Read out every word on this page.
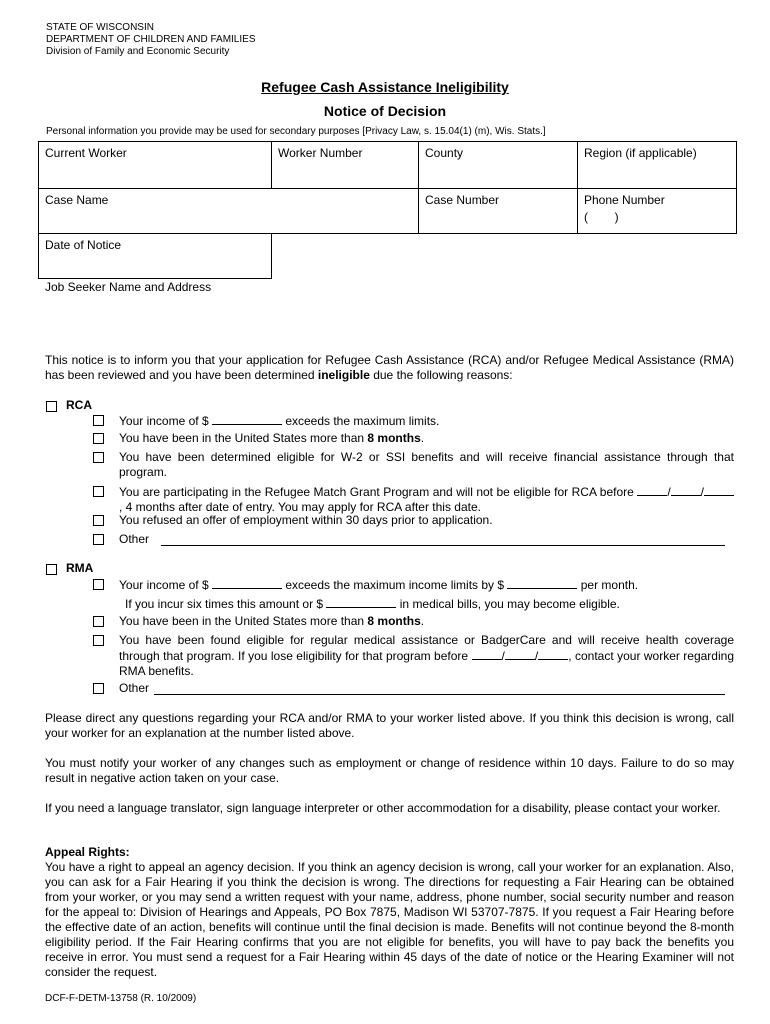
STATE OF WISCONSIN
DEPARTMENT OF CHILDREN AND FAMILIES
Division of Family and Economic Security
Refugee Cash Assistance Ineligibility
Notice of Decision
Personal information you provide may be used for secondary purposes [Privacy Law, s. 15.04(1) (m), Wis. Stats.]
Current Worker	Worker Number	County	Region (if applicable)
Case Name	Case Number	Phone Number
(        )
Date of Notice
Job Seeker Name and Address
This notice is to inform you that your application for Refugee Cash Assistance (RCA) and/or Refugee Medical Assistance (RMA) has been reviewed and you have been determined ineligible due the following reasons:
RCA
Your income of $	exceeds the maximum limits.
You have been in the United States more than 8 months.
You have been determined eligible for W-2 or SSI benefits and will receive financial assistance through that program.
You are participating in the Refugee Match Grant Program and will not be eligible for RCA before	/	/, 4 months after date of entry. You may apply for RCA after this date.
You refused an offer of employment within 30 days prior to application.
Other
RMA
Your income of $	exceeds the maximum income limits by $	per month.
If you incur six times this amount or $	in medical bills, you may become eligible.
You have been in the United States more than 8 months.
You have been found eligible for regular medical assistance or BadgerCare and will receive health coverage through that program. If you lose eligibility for that program before	/	/	, contact your worker regarding RMA benefits.
Other
Please direct any questions regarding your RCA and/or RMA to your worker listed above. If you think this decision is wrong, call your worker for an explanation at the number listed above.
You must notify your worker of any changes such as employment or change of residence within 10 days. Failure to do so may result in negative action taken on your case.
If you need a language translator, sign language interpreter or other accommodation for a disability, please contact your worker.
Appeal Rights:
You have a right to appeal an agency decision. If you think an agency decision is wrong, call your worker for an explanation. Also, you can ask for a Fair Hearing if you think the decision is wrong. The directions for requesting a Fair Hearing can be obtained from your worker, or you may send a written request with your name, address, phone number, social security number and reason for the appeal to: Division of Hearings and Appeals, PO Box 7875, Madison WI 53707-7875. If you request a Fair Hearing before the effective date of an action, benefits will continue until the final decision is made. Benefits will not continue beyond the 8-month eligibility period. If the Fair Hearing confirms that you are not eligible for benefits, you will have to pay back the benefits you receive in error. You must send a request for a Fair Hearing within 45 days of the date of notice or the Hearing Examiner will not consider the request.
DCF-F-DETM-13758 (R. 10/2009)
